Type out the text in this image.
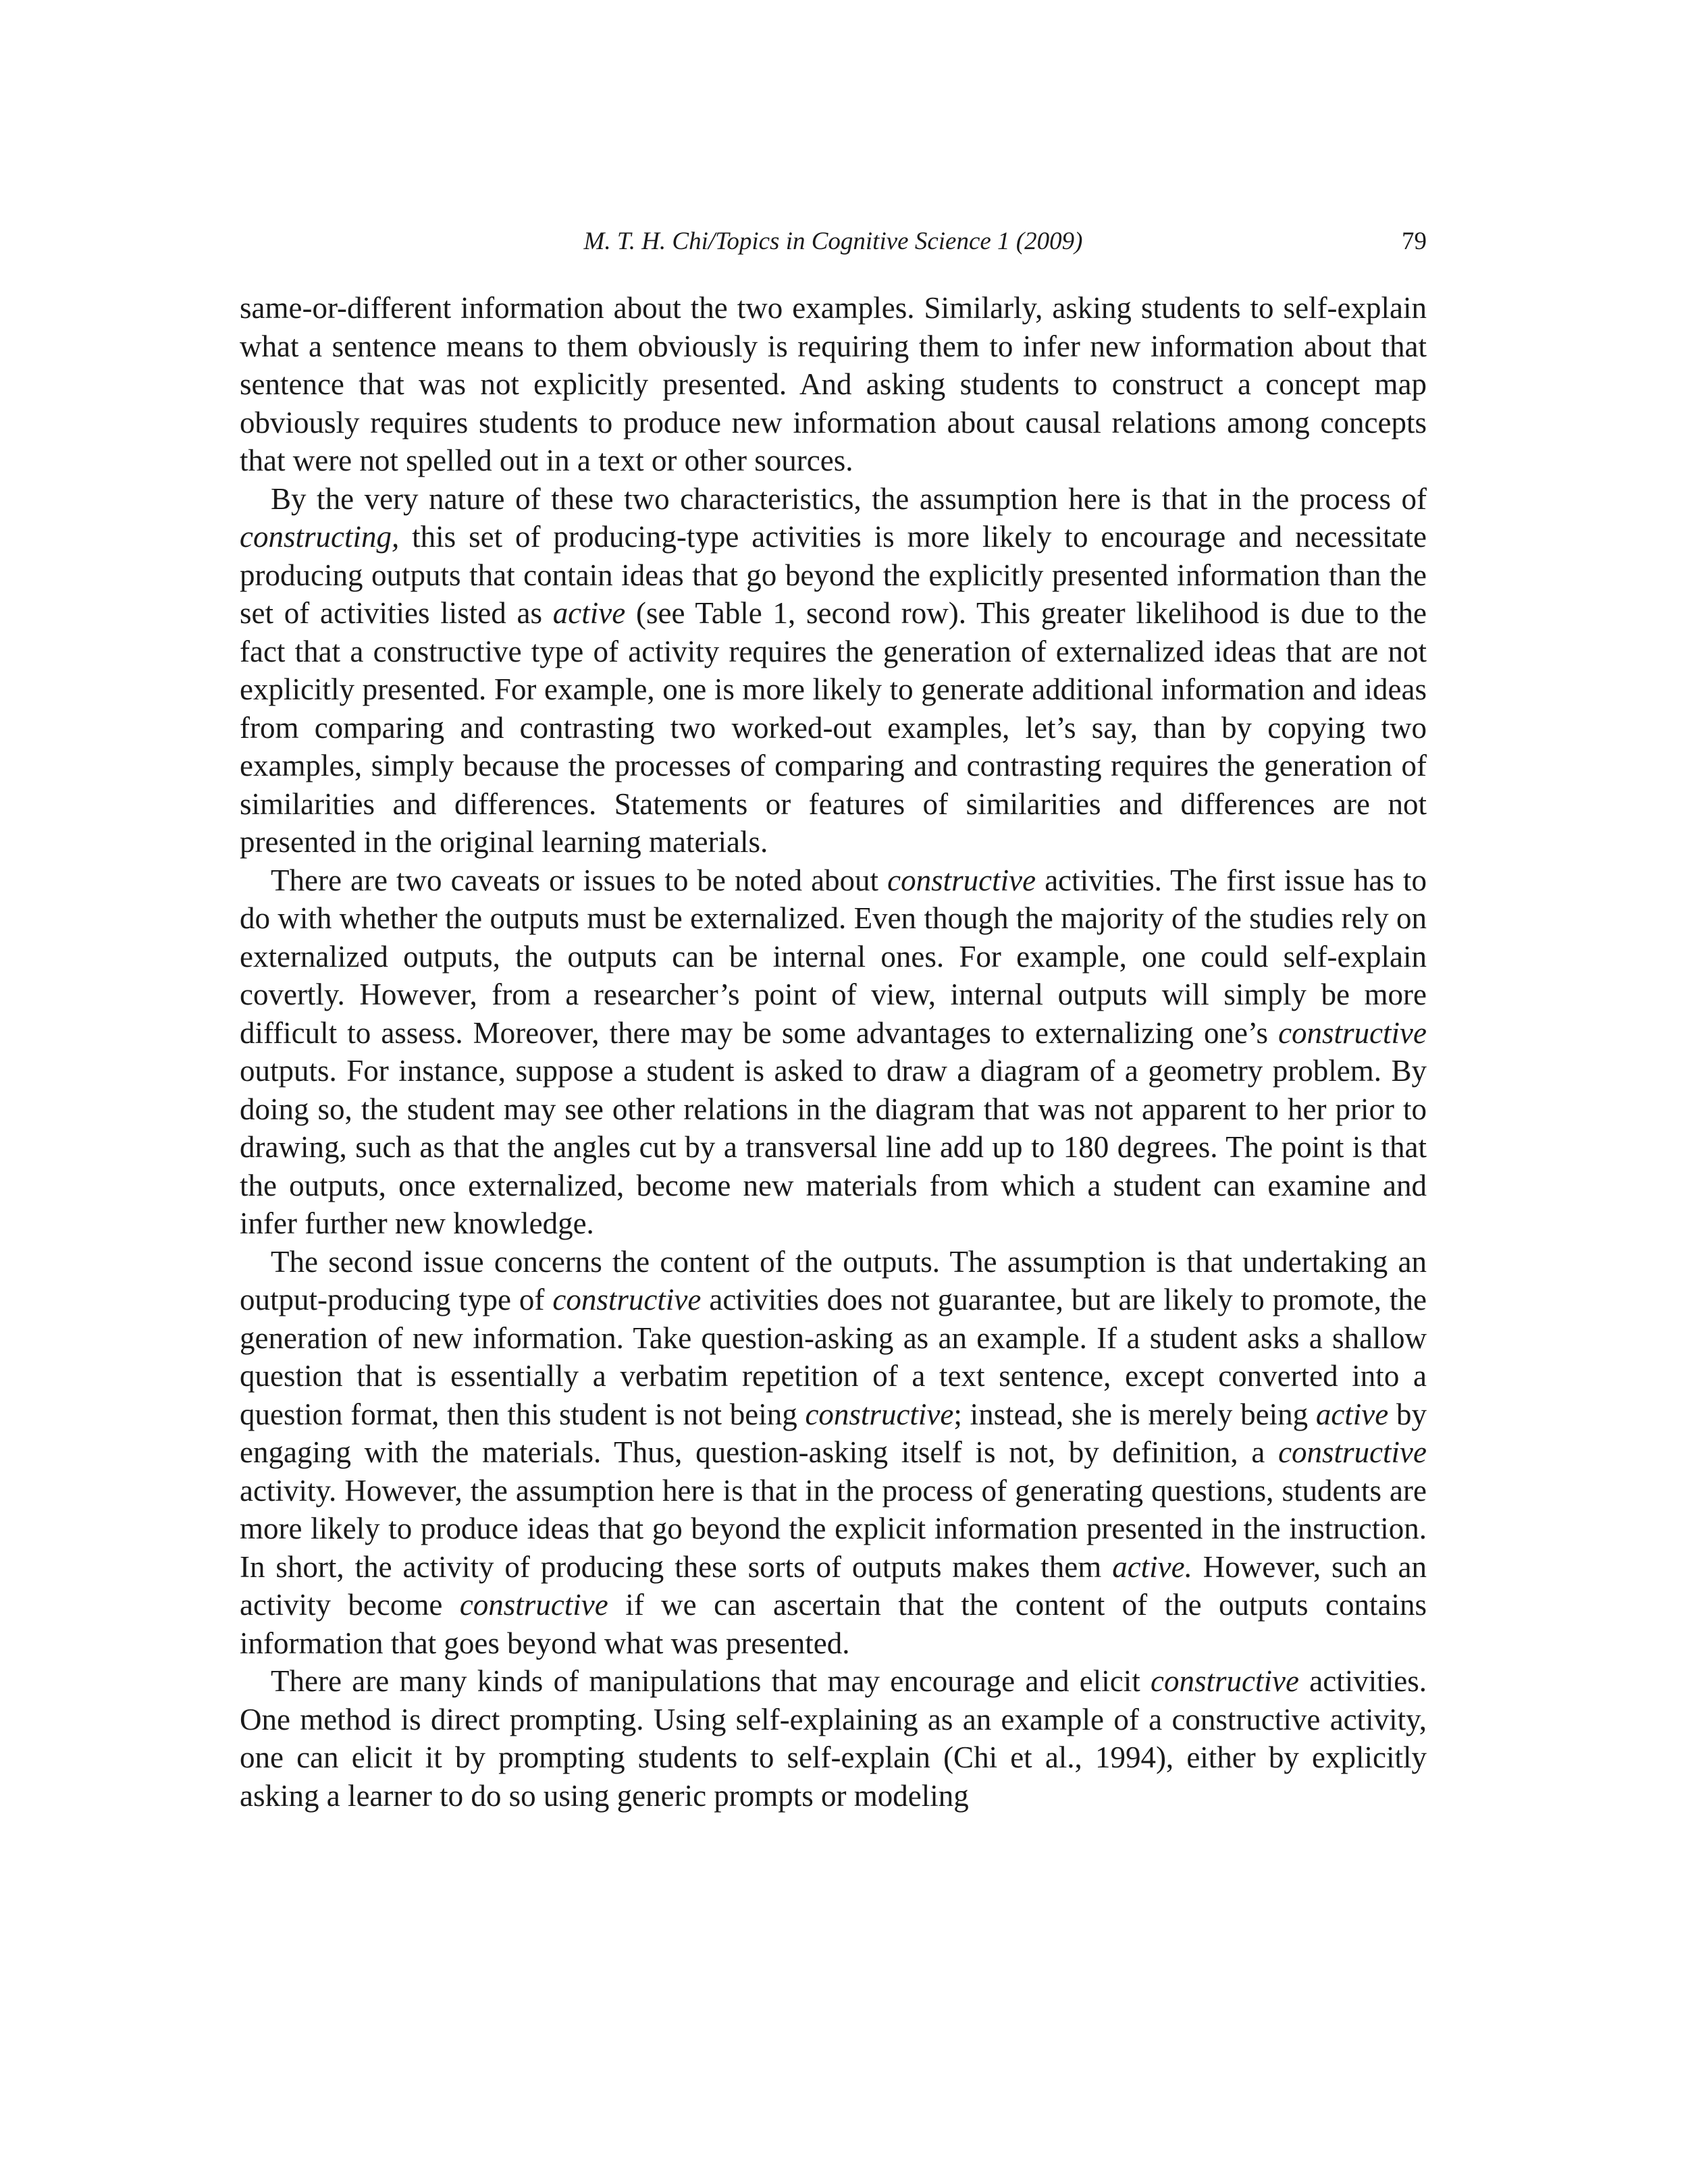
M. T. H. Chi/Topics in Cognitive Science 1 (2009)	79

same-or-different information about the two examples. Similarly, asking students to self-explain what a sentence means to them obviously is requiring them to infer new information about that sentence that was not explicitly presented. And asking students to construct a concept map obviously requires students to produce new information about causal relations among concepts that were not spelled out in a text or other sources.

By the very nature of these two characteristics, the assumption here is that in the process of constructing, this set of producing-type activities is more likely to encourage and necessitate producing outputs that contain ideas that go beyond the explicitly presented information than the set of activities listed as active (see Table 1, second row). This greater likelihood is due to the fact that a constructive type of activity requires the generation of externalized ideas that are not explicitly presented. For example, one is more likely to generate additional information and ideas from comparing and contrasting two worked-out examples, let’s say, than by copying two examples, simply because the processes of comparing and contrasting requires the generation of similarities and differences. Statements or features of similarities and differences are not presented in the original learning materials.

There are two caveats or issues to be noted about constructive activities. The first issue has to do with whether the outputs must be externalized. Even though the majority of the studies rely on externalized outputs, the outputs can be internal ones. For example, one could self-explain covertly. However, from a researcher’s point of view, internal outputs will simply be more difficult to assess. Moreover, there may be some advantages to externalizing one’s constructive outputs. For instance, suppose a student is asked to draw a diagram of a geometry problem. By doing so, the student may see other relations in the diagram that was not apparent to her prior to drawing, such as that the angles cut by a transversal line add up to 180 degrees. The point is that the outputs, once externalized, become new materials from which a student can examine and infer further new knowledge.

The second issue concerns the content of the outputs. The assumption is that undertaking an output-producing type of constructive activities does not guarantee, but are likely to promote, the generation of new information. Take question-asking as an example. If a student asks a shallow question that is essentially a verbatim repetition of a text sentence, except converted into a question format, then this student is not being constructive; instead, she is merely being active by engaging with the materials. Thus, question-asking itself is not, by definition, a constructive activity. However, the assumption here is that in the process of generating questions, students are more likely to produce ideas that go beyond the explicit information presented in the instruction. In short, the activity of producing these sorts of outputs makes them active. However, such an activity become constructive if we can ascertain that the content of the outputs contains information that goes beyond what was presented.

There are many kinds of manipulations that may encourage and elicit constructive activities. One method is direct prompting. Using self-explaining as an example of a constructive activity, one can elicit it by prompting students to self-explain (Chi et al., 1994), either by explicitly asking a learner to do so using generic prompts or modeling
